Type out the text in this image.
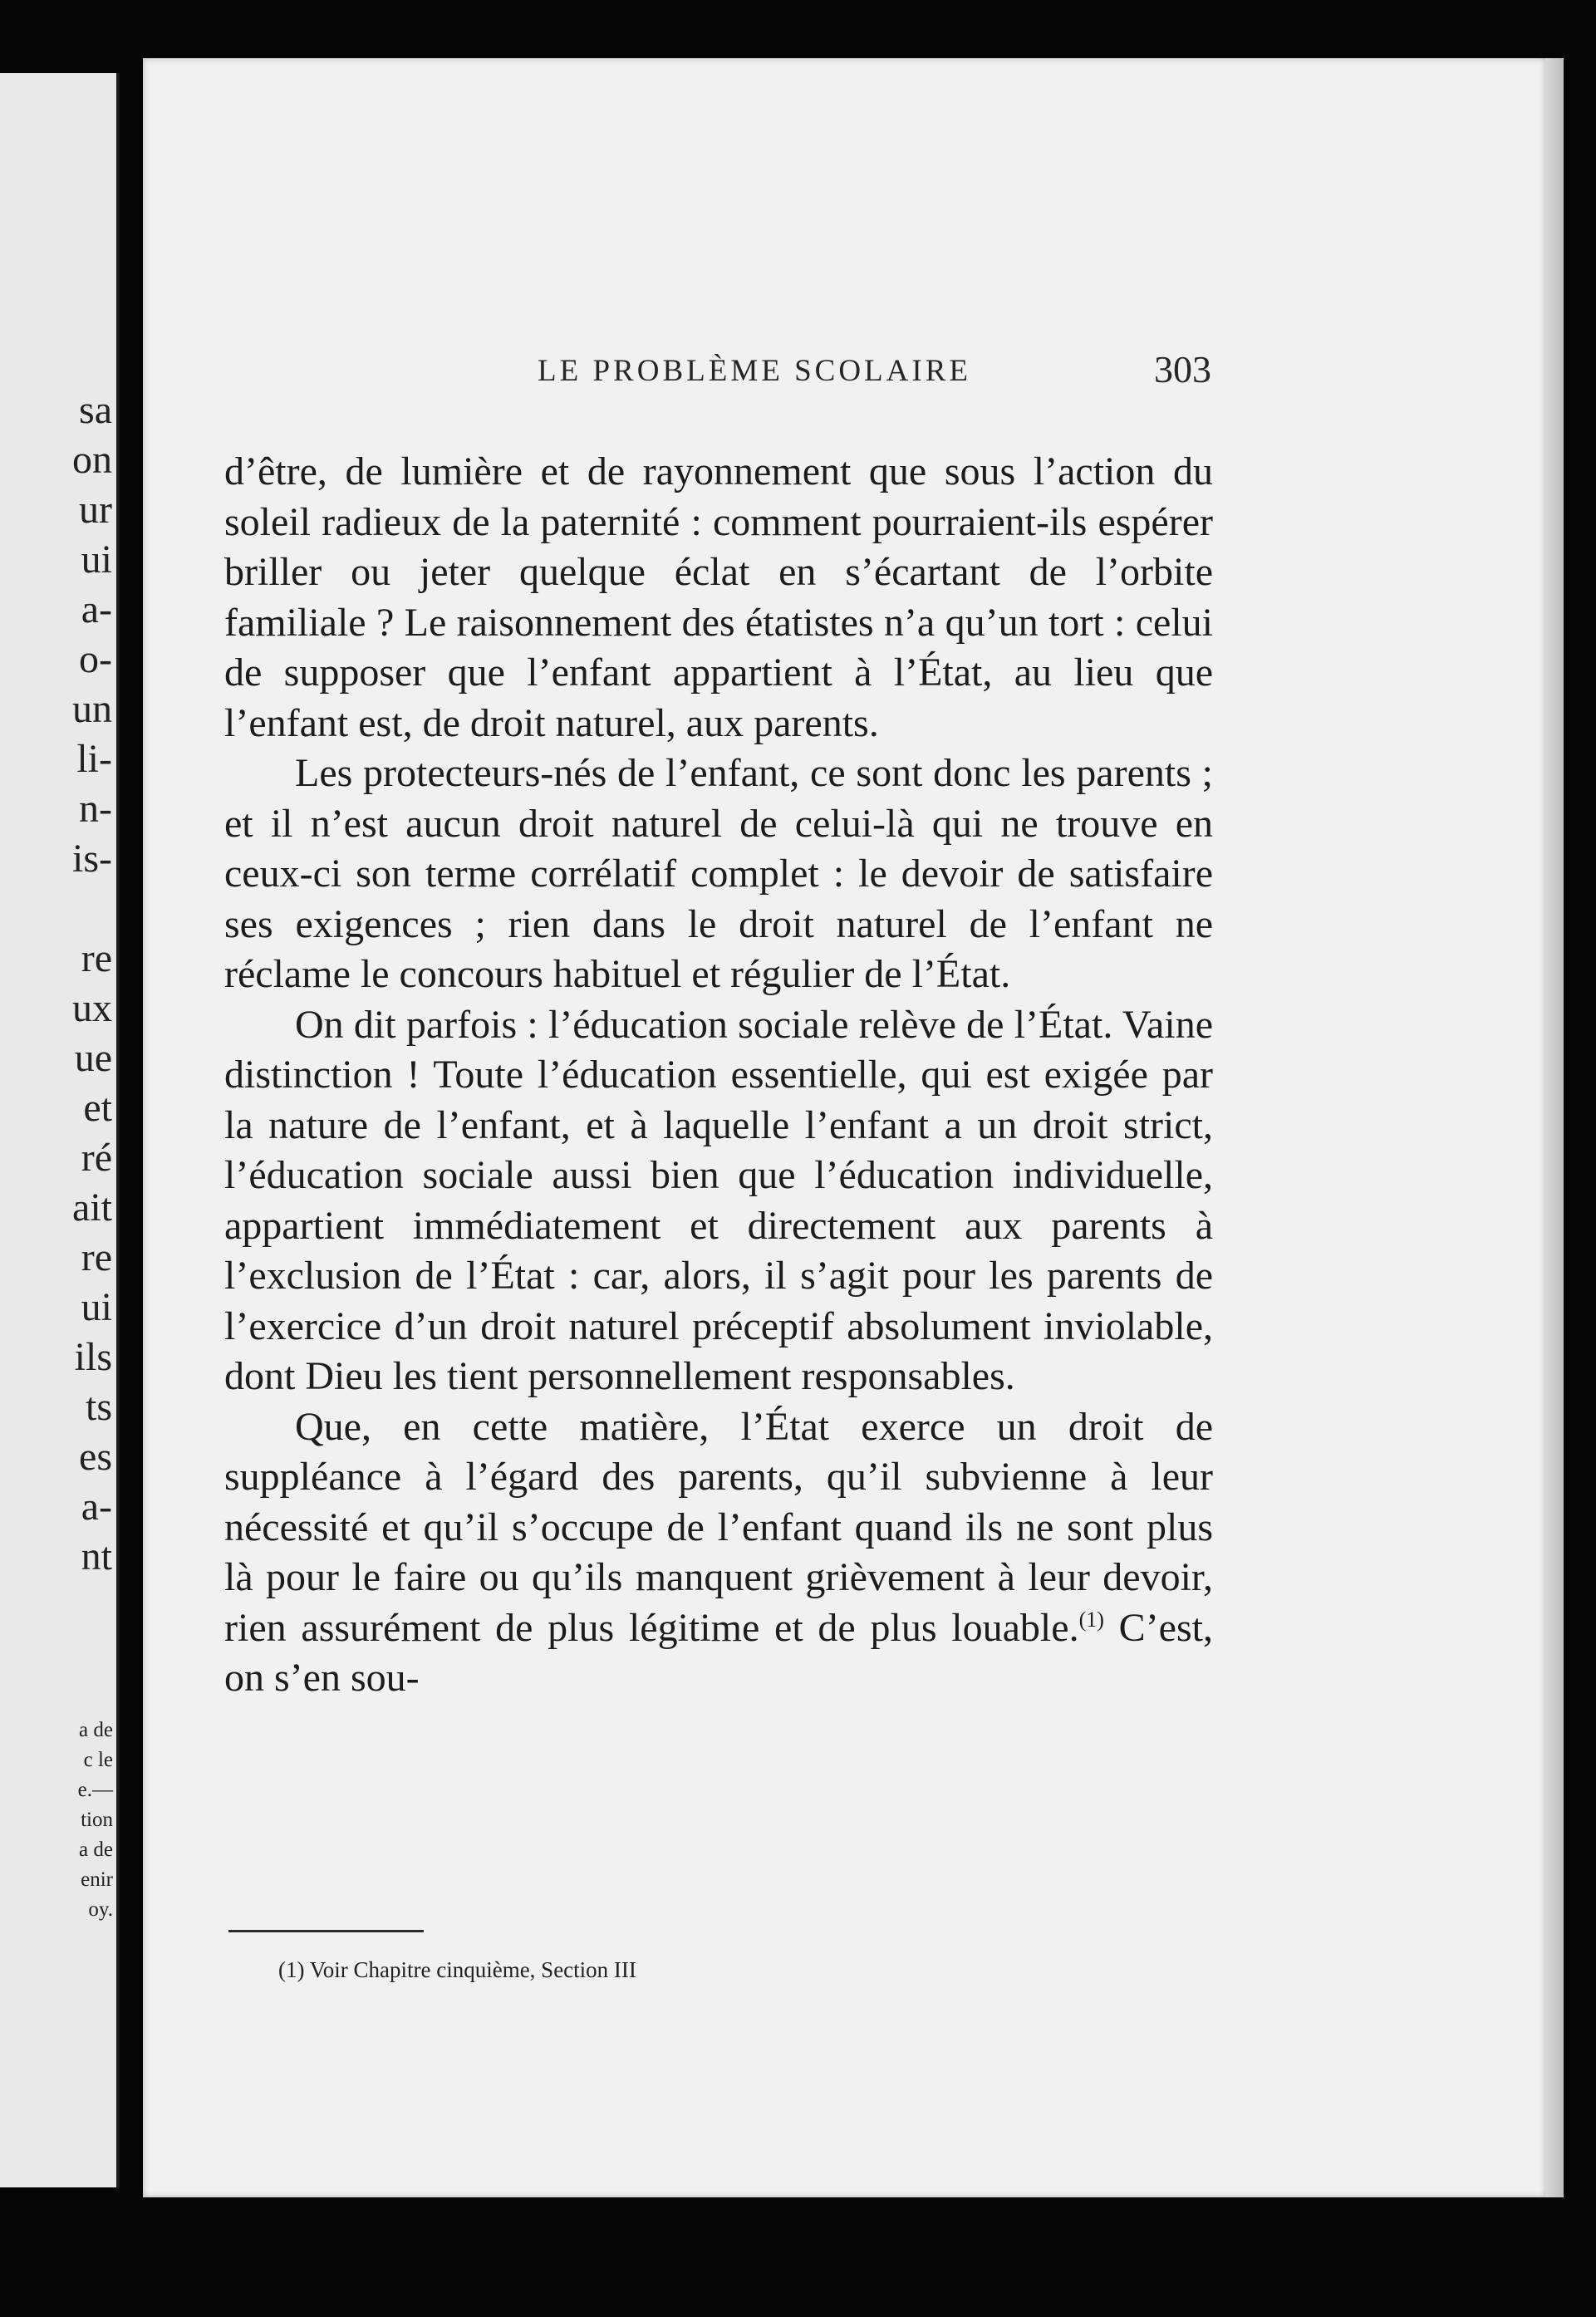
sa
on
ur
ui
a-
o-
un
li-
n-
is-
re
ux
ue
et
ré
ait
re
ui
ils
ts
es
a-
nt
a de
c le
e.—
tion
a de
enir
oy.
LE PROBLÈME SCOLAIRE	303

d’être, de lumière et de rayonnement que sous l’action du soleil radieux de la paternité : comment pourraient-ils espérer briller ou jeter quelque éclat en s’écartant de l’orbite familiale ? Le raisonnement des étatistes n’a qu’un tort : celui de supposer que l’enfant appartient à l’État, au lieu que l’enfant est, de droit naturel, aux parents.

Les protecteurs-nés de l’enfant, ce sont donc les parents ; et il n’est aucun droit naturel de celui-là qui ne trouve en ceux-ci son terme corrélatif complet : le devoir de satisfaire ses exigences ; rien dans le droit naturel de l’enfant ne réclame le concours habituel et régulier de l’État.

On dit parfois : l’éducation sociale relève de l’État. Vaine distinction ! Toute l’éducation essentielle, qui est exigée par la nature de l’enfant, et à laquelle l’enfant a un droit strict, l’éducation sociale aussi bien que l’éducation individuelle, appartient immédiatement et directement aux parents à l’exclusion de l’État : car, alors, il s’agit pour les parents de l’exercice d’un droit naturel préceptif absolument inviolable, dont Dieu les tient personnellement responsables.

Que, en cette matière, l’État exerce un droit de suppléance à l’égard des parents, qu’il subvienne à leur nécessité et qu’il s’occupe de l’enfant quand ils ne sont plus là pour le faire ou qu’ils manquent grièvement à leur devoir, rien assurément de plus légitime et de plus louable.$^{(1)}$ C’est, on s’en sou-

(1) Voir Chapitre cinquième, Section III
